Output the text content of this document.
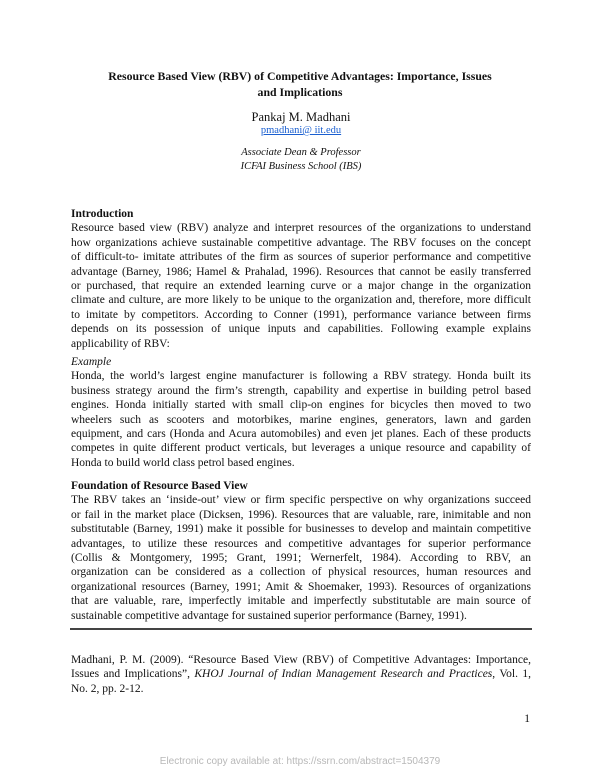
Resource Based View (RBV) of Competitive Advantages: Importance, Issues
and Implications
Pankaj M. Madhani
pmadhani@ iit.edu
Associate Dean & Professor
ICFAI Business School (IBS)
Introduction
Resource based view (RBV) analyze and interpret resources of the organizations to understand
how organizations achieve sustainable competitive advantage. The RBV focuses on the concept
of difficult-to- imitate attributes of the firm as sources of superior performance and competitive
advantage (Barney, 1986; Hamel & Prahalad, 1996). Resources that cannot be easily transferred
or purchased, that require an extended learning curve or a major change in the organization
climate and culture, are more likely to be unique to the organization and, therefore, more difficult
to imitate by competitors. According to Conner (1991), performance variance between firms
depends on its possession of unique inputs and capabilities. Following example explains
applicability of RBV:
Example
Honda, the world’s largest engine manufacturer is following a RBV strategy. Honda built its
business strategy around the firm’s strength, capability and expertise in building petrol based
engines. Honda initially started with small clip-on engines for bicycles then moved to two
wheelers such as scooters and motorbikes, marine engines, generators, lawn and garden
equipment, and cars (Honda and Acura automobiles) and even jet planes. Each of these products
competes in quite different product verticals, but leverages a unique resource and capability of
Honda to build world class petrol based engines.
Foundation of Resource Based View
The RBV takes an ‘inside-out’ view or firm specific perspective on why organizations succeed
or fail in the market place (Dicksen, 1996). Resources that are valuable, rare, inimitable and non
substitutable (Barney, 1991) make it possible for businesses to develop and maintain competitive
advantages, to utilize these resources and competitive advantages for superior performance
(Collis & Montgomery, 1995; Grant, 1991; Wernerfelt, 1984). According to RBV, an
organization can be considered as a collection of physical resources, human resources and
organizational resources (Barney, 1991; Amit & Shoemaker, 1993). Resources of organizations
that are valuable, rare, imperfectly imitable and imperfectly substitutable are main source of
sustainable competitive advantage for sustained superior performance (Barney, 1991).
Madhani, P. M. (2009). “Resource Based View (RBV) of Competitive Advantages: Importance,
Issues and Implications”, KHOJ Journal of Indian Management Research and Practices, Vol. 1,
No. 2, pp. 2-12.
1
Electronic copy available at: https://ssrn.com/abstract=1504379
